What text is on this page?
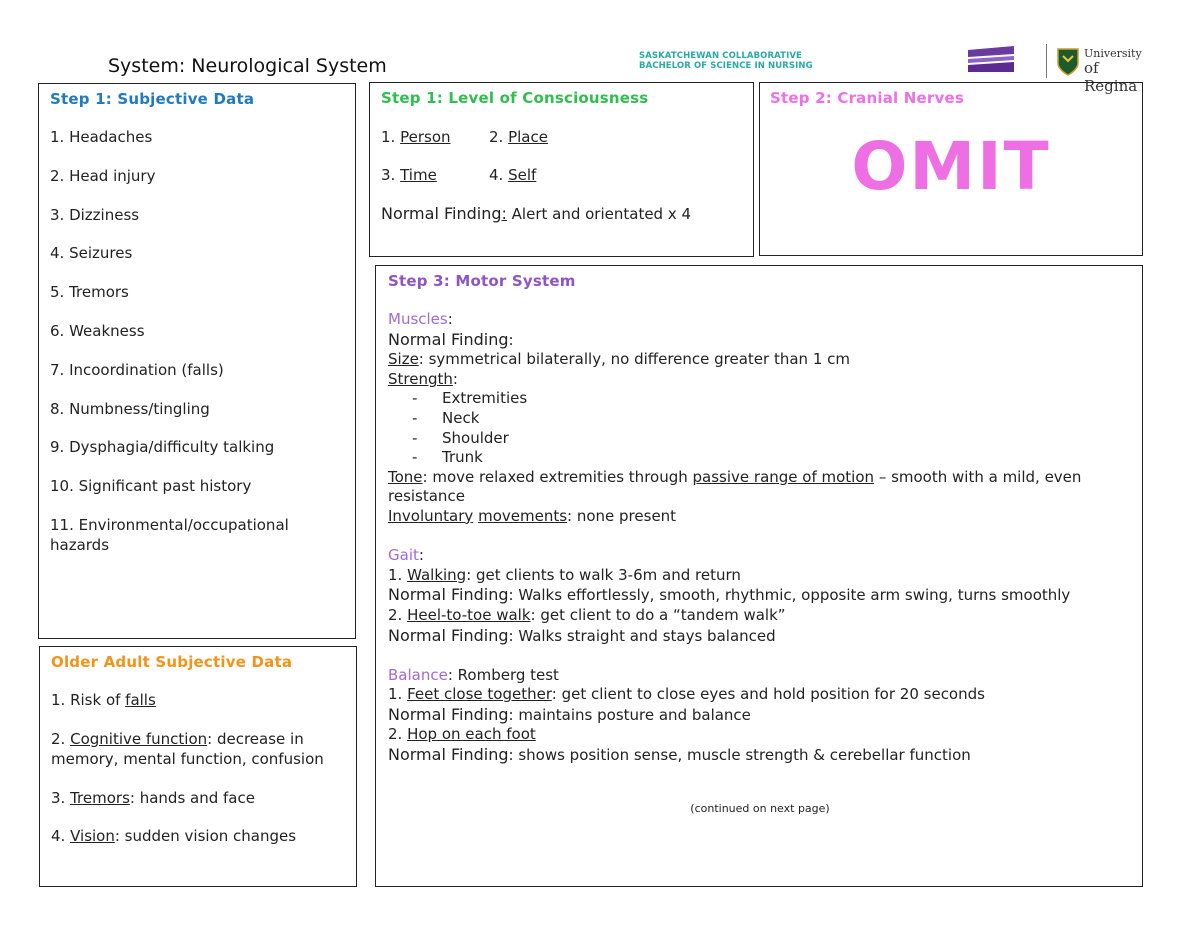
System: Neurological System	SASKATCHEWAN COLLABORATIVE
BACHELOR OF SCIENCE IN NURSING
University
of Regina
Step 1: Subjective Data
1. Headaches
2. Head injury
3. Dizziness
4. Seizures
5. Tremors
6. Weakness
7. Incoordination (falls)
8. Numbness/tingling
9. Dysphagia/difficulty talking
10. Significant past history
11. Environmental/occupational hazards
Older Adult Subjective Data
1. Risk of falls
2. Cognitive function: decrease in memory, mental function, confusion
3. Tremors: hands and face
4. Vision: sudden vision changes
Step 1: Level of Consciousness
1. Person	2. Place
3. Time	4. Self
Normal Finding: Alert and orientated x 4
Step 2: Cranial Nerves
OMIT
Step 3: Motor System
Muscles:
Normal Finding:
Size: symmetrical bilaterally, no difference greater than 1 cm
Strength:
- Extremities
- Neck
- Shoulder
- Trunk
Tone: move relaxed extremities through passive range of motion – smooth with a mild, even resistance
Involuntary movements: none present
Gait:
1. Walking: get clients to walk 3-6m and return
Normal Finding: Walks effortlessly, smooth, rhythmic, opposite arm swing, turns smoothly
2. Heel-to-toe walk: get client to do a “tandem walk”
Normal Finding: Walks straight and stays balanced
Balance: Romberg test
1. Feet close together: get client to close eyes and hold position for 20 seconds
Normal Finding: maintains posture and balance
2. Hop on each foot
Normal Finding: shows position sense, muscle strength & cerebellar function
(continued on next page)
